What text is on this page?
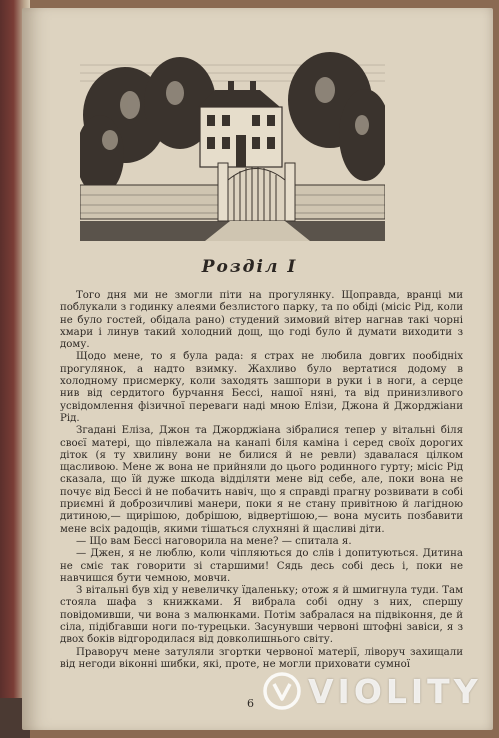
Розділ І

Того дня ми не змогли піти на прогулянку. Щоправда, вранці ми поблукали з годинку алеями безлистого парку, та по обіді (місіс Рід, коли не було гостей, обідала рано) студений зимовий вітер нагнав такі чорні хмари і линув такий холодний дощ, що годі було й думати виходити з дому.

Щодо мене, то я була рада: я страх не любила довгих пообідніх прогулянок, а надто взимку. Жахливо було вертатися додому в холодному присмерку, коли заходять зашпори в руки і в ноги, а серце нив від сердитого бурчання Бессі, нашої няні, та від принизливого усвідомлення фізичної переваги наді мною Елізи, Джона й Джорджіани Рід.

Згадані Еліза, Джон та Джорджіана зібралися тепер у вітальні біля своєї матері, що півлежала на канапі біля каміна і серед своїх дорогих діток (я ту хвилину вони не билися й не ревли) здавалася цілком щасливою. Мене ж вона не прийняли до цього родинного гурту; місіс Рід сказала, що їй дуже шкода відділяти мене від себе, але, поки вона не почує від Бессі й не побачить навіч, що я справді прагну розвивати в собі приємні й доброзичливі манери, поки я не стану привітною й лагідною дитиною,— щирішою, добрішою, відвертішою,— вона мусить позбавити мене всіх радощів, якими тішаться слухняні й щасливі діти.

— Що вам Бессі наговорила на мене? — спитала я.

— Джен, я не люблю, коли чіпляються до слів і допитуються. Дитина не сміє так говорити зі старшими! Сядь десь собі десь і, поки не навчишся бути чемною, мовчи.

З вітальні був хід у невеличку їдаленьку; отож я й шмигнула туди. Там стояла шафа з книжками. Я вибрала собі одну з них, спершу повідомивши, чи вона з малюнками. Потім забралася на підвіконня, де й сіла, підібгавши ноги по-турецьки. Засунувши червоні штофні завіси, я з двох боків відгородилася від довколишнього світу.

Праворуч мене затуляли згортки червоної матерії, ліворуч захищали від негоди віконні шибки, які, проте, не могли приховати сумної

6 VIOLITY
